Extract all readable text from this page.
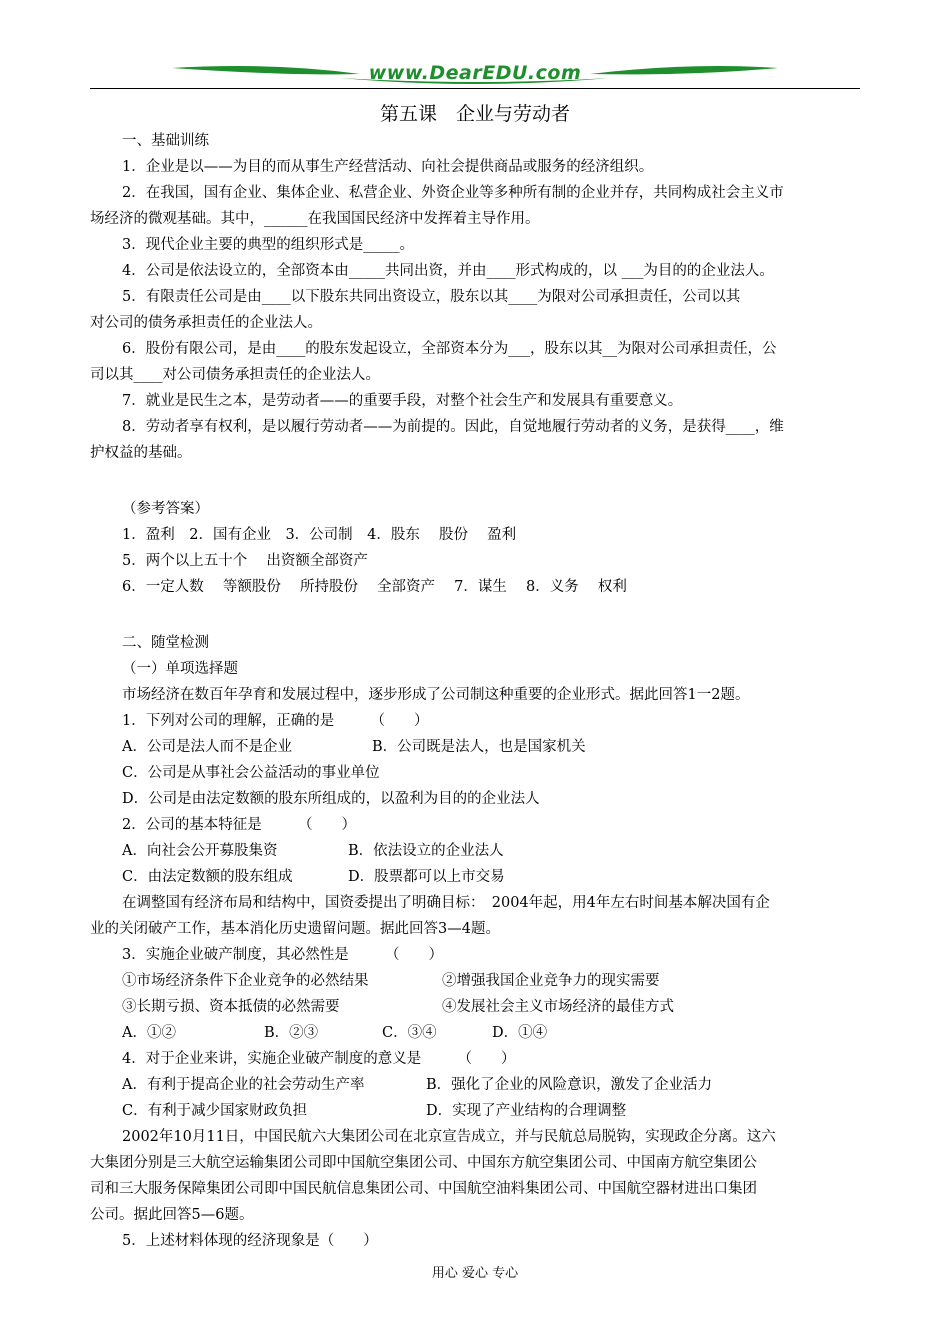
www.DearEDU.com
第五课　企业与劳动者
一、基础训练
1．企业是以——为目的而从事生产经营活动、向社会提供商品或服务的经济组织。
2．在我国，国有企业、集体企业、私营企业、外资企业等多种所有制的企业并存，共同构成社会主义市
场经济的微观基础。其中，______在我国国民经济中发挥着主导作用。
3．现代企业主要的典型的组织形式是_____。
4．公司是依法设立的，全部资本由_____共同出资，并由____形式构成的，以 ___为目的的企业法人。
5．有限责任公司是由____以下股东共同出资设立，股东以其____为限对公司承担责任，公司以其
对公司的债务承担责任的企业法人。
6．股份有限公司，是由____的股东发起设立，全部资本分为___，股东以其__为限对公司承担责任，公
司以其____对公司债务承担责任的企业法人。
7．就业是民生之本，是劳动者——的重要手段，对整个社会生产和发展具有重要意义。
8．劳动者享有权利，是以履行劳动者——为前提的。因此，自觉地履行劳动者的义务，是获得____，维
护权益的基础。
（参考答案）
1．盈利　2．国有企业　3．公司制　4．股东　 股份　 盈利
5．两个以上五十个　 出资额全部资产
6．一定人数　 等额股份　 所持股份　 全部资产　 7．谋生　 8．义务　 权利
二、随堂检测
（一）单项选择题
市场经济在数百年孕育和发展过程中，逐步形成了公司制这种重要的企业形式。据此回答1一2题。
1．下列对公司的理解，正确的是　　　（　　）
A．公司是法人而不是企业	B．公司既是法人，也是国家机关
C．公司是从事社会公益活动的事业单位
D．公司是由法定数额的股东所组成的，以盈利为目的的企业法人
2．公司的基本特征是　　　（　　）
A．向社会公开募股集资	B．依法设立的企业法人
C．由法定数额的股东组成	D．股票都可以上市交易
在调整国有经济布局和结构中，国资委提出了明确目标：　2004年起，用4年左右时间基本解决国有企
业的关闭破产工作，基本消化历史遗留问题。据此回答3—4题。
3．实施企业破产制度，其必然性是　　　（　　）
①市场经济条件下企业竞争的必然结果	②增强我国企业竞争力的现实需要
③长期亏损、资本抵债的必然需要	④发展社会主义市场经济的最佳方式
A．①②	B．②③	C．③④	D．①④
4．对于企业来讲，实施企业破产制度的意义是　　　（　　）
A．有利于提高企业的社会劳动生产率	B．强化了企业的风险意识，激发了企业活力
C．有利于减少国家财政负担	D．实现了产业结构的合理调整
2002年10月11日，中国民航六大集团公司在北京宣告成立，并与民航总局脱钩，实现政企分离。这六
大集团分别是三大航空运输集团公司即中国航空集团公司、中国东方航空集团公司、中国南方航空集团公
司和三大服务保障集团公司即中国民航信息集团公司、中国航空油料集团公司、中国航空器材进出口集团
公司。据此回答5—6题。
5．上述材料体现的经济现象是（　　）
用心 爱心 专心
